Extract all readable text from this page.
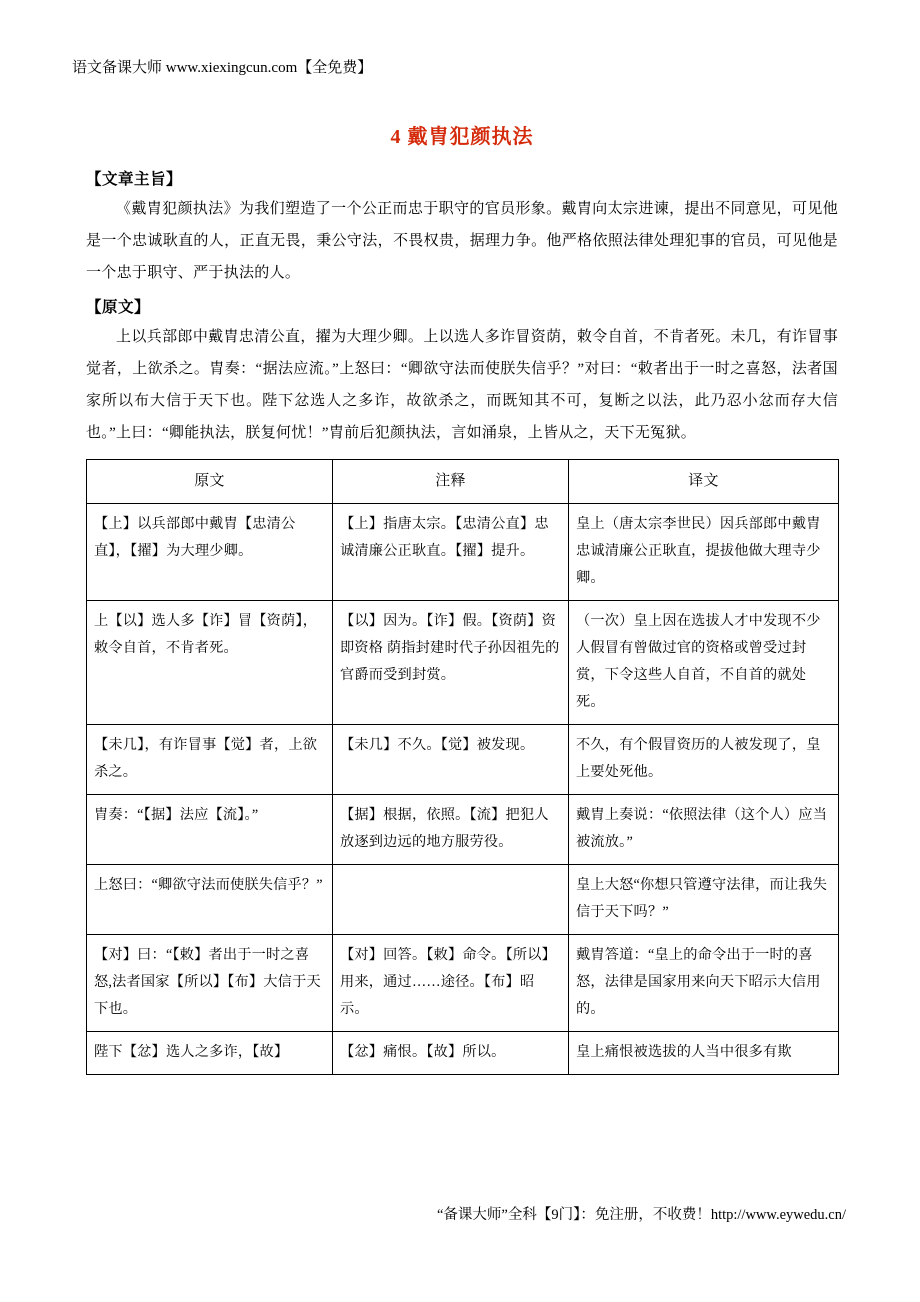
语文备课大师 www.xiexingcun.com【全免费】
4 戴胄犯颜执法
【文章主旨】

《戴胄犯颜执法》为我们塑造了一个公正而忠于职守的官员形象。戴胄向太宗进谏，提出不同意见，可见他是一个忠诚耿直的人，正直无畏，秉公守法，不畏权贵，据理力争。他严格依照法律处理犯事的官员，可见他是一个忠于职守、严于执法的人。

【原文】

上以兵部郎中戴胄忠清公直，擢为大理少卿。上以选人多诈冒资荫，敕令自首，不肯者死。未几，有诈冒事觉者，上欲杀之。胄奏：“据法应流。”上怒曰：“卿欲守法而使朕失信乎？”对曰：“敕者出于一时之喜怒，法者国家所以布大信于天下也。陛下忿选人之多诈，故欲杀之，而既知其不可，复断之以法，此乃忍小忿而存大信也。”上曰：“卿能执法，朕复何忧！”胄前后犯颜执法，言如涌泉，上皆从之，天下无冤狱。

原文	注释	译文
【上】以兵部郎中戴胄【忠清公直】，【擢】为大理少卿。	【上】指唐太宗。【忠清公直】忠诚清廉公正耿直。【擢】提升。	皇上（唐太宗李世民）因兵部郎中戴胄忠诚清廉公正耿直，提拔他做大理寺少卿。
上【以】选人多【诈】冒【资荫】，敕令自首，不肯者死。	【以】因为。【诈】假。【资荫】资即资格 荫指封建时代子孙因祖先的官爵而受到封赏。	（一次）皇上因在选拔人才中发现不少人假冒有曾做过官的资格或曾受过封赏，下令这些人自首，不自首的就处死。
【未几】，有诈冒事【觉】者，上欲杀之。	【未几】不久。【觉】被发现。	不久，有个假冒资历的人被发现了，皇上要处死他。
胄奏：“【据】法应【流】。”	【据】根据，依照。【流】把犯人放逐到边远的地方服劳役。	戴胄上奏说：“依照法律（这个人）应当被流放。”
上怒曰：“卿欲守法而使朕失信乎？”		皇上大怒“你想只管遵守法律，而让我失信于天下吗？”
【对】曰：“【敕】者出于一时之喜怒,法者国家【所以】【布】大信于天下也。	【对】回答。【敕】命令。【所以】用来，通过……途径。【布】昭示。	戴胄答道：“皇上的命令出于一时的喜怒，法律是国家用来向天下昭示大信用的。
陛下【忿】选人之多诈，【故】	【忿】痛恨。【故】所以。	皇上痛恨被选拔的人当中很多有欺
“备课大师”全科【9门】：免注册，不收费！http://www.eywedu.cn/
